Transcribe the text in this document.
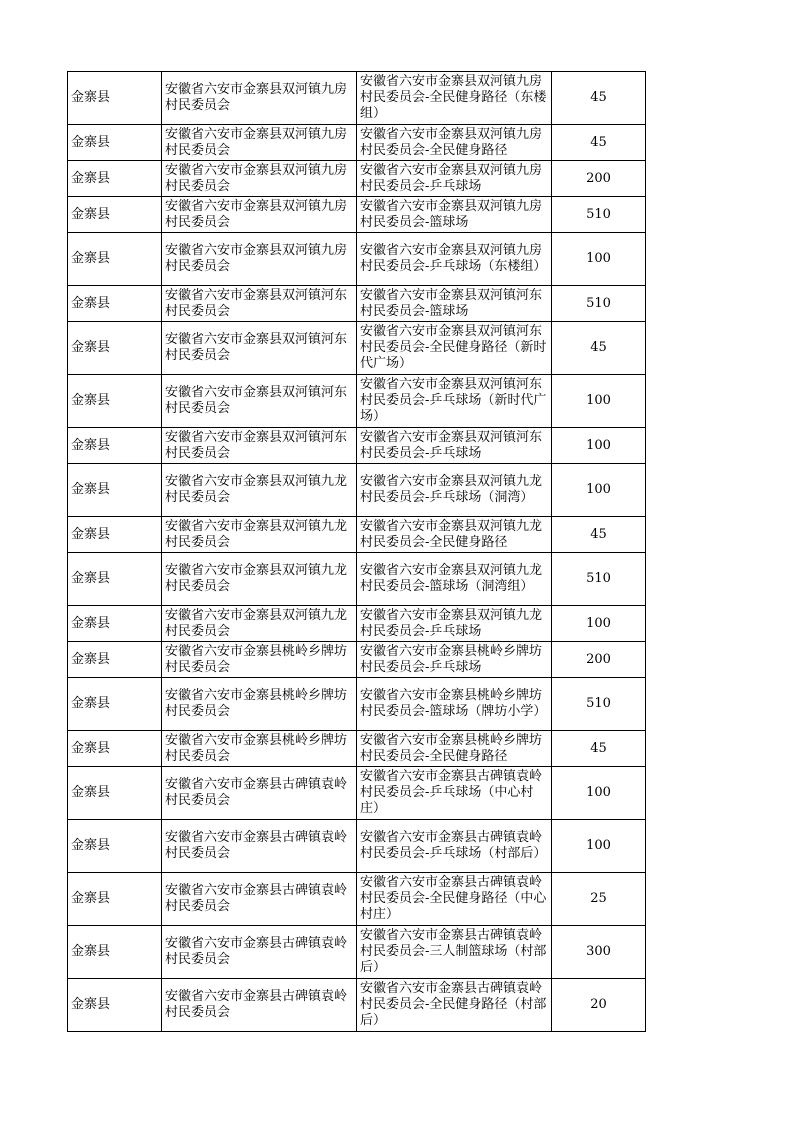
金寨县	安徽省六安市金寨县双河镇九房村民委员会	安徽省六安市金寨县双河镇九房村民委员会-全民健身路径（东楼组）	45
金寨县	安徽省六安市金寨县双河镇九房村民委员会	安徽省六安市金寨县双河镇九房村民委员会-全民健身路径	45
金寨县	安徽省六安市金寨县双河镇九房村民委员会	安徽省六安市金寨县双河镇九房村民委员会-乒乓球场	200
金寨县	安徽省六安市金寨县双河镇九房村民委员会	安徽省六安市金寨县双河镇九房村民委员会-篮球场	510
金寨县	安徽省六安市金寨县双河镇九房村民委员会	安徽省六安市金寨县双河镇九房村民委员会-乒乓球场（东楼组）	100
金寨县	安徽省六安市金寨县双河镇河东村民委员会	安徽省六安市金寨县双河镇河东村民委员会-篮球场	510
金寨县	安徽省六安市金寨县双河镇河东村民委员会	安徽省六安市金寨县双河镇河东村民委员会-全民健身路径（新时代广场）	45
金寨县	安徽省六安市金寨县双河镇河东村民委员会	安徽省六安市金寨县双河镇河东村民委员会-乒乓球场（新时代广场）	100
金寨县	安徽省六安市金寨县双河镇河东村民委员会	安徽省六安市金寨县双河镇河东村民委员会-乒乓球场	100
金寨县	安徽省六安市金寨县双河镇九龙村民委员会	安徽省六安市金寨县双河镇九龙村民委员会-乒乓球场（洞湾）	100
金寨县	安徽省六安市金寨县双河镇九龙村民委员会	安徽省六安市金寨县双河镇九龙村民委员会-全民健身路径	45
金寨县	安徽省六安市金寨县双河镇九龙村民委员会	安徽省六安市金寨县双河镇九龙村民委员会-篮球场（洞湾组）	510
金寨县	安徽省六安市金寨县双河镇九龙村民委员会	安徽省六安市金寨县双河镇九龙村民委员会-乒乓球场	100
金寨县	安徽省六安市金寨县桃岭乡牌坊村民委员会	安徽省六安市金寨县桃岭乡牌坊村民委员会-乒乓球场	200
金寨县	安徽省六安市金寨县桃岭乡牌坊村民委员会	安徽省六安市金寨县桃岭乡牌坊村民委员会-篮球场（牌坊小学）	510
金寨县	安徽省六安市金寨县桃岭乡牌坊村民委员会	安徽省六安市金寨县桃岭乡牌坊村民委员会-全民健身路径	45
金寨县	安徽省六安市金寨县古碑镇袁岭村民委员会	安徽省六安市金寨县古碑镇袁岭村民委员会-乒乓球场（中心村庄）	100
金寨县	安徽省六安市金寨县古碑镇袁岭村民委员会	安徽省六安市金寨县古碑镇袁岭村民委员会-乒乓球场（村部后）	100
金寨县	安徽省六安市金寨县古碑镇袁岭村民委员会	安徽省六安市金寨县古碑镇袁岭村民委员会-全民健身路径（中心村庄）	25
金寨县	安徽省六安市金寨县古碑镇袁岭村民委员会	安徽省六安市金寨县古碑镇袁岭村民委员会-三人制篮球场（村部后）	300
金寨县	安徽省六安市金寨县古碑镇袁岭村民委员会	安徽省六安市金寨县古碑镇袁岭村民委员会-全民健身路径（村部后）	20
